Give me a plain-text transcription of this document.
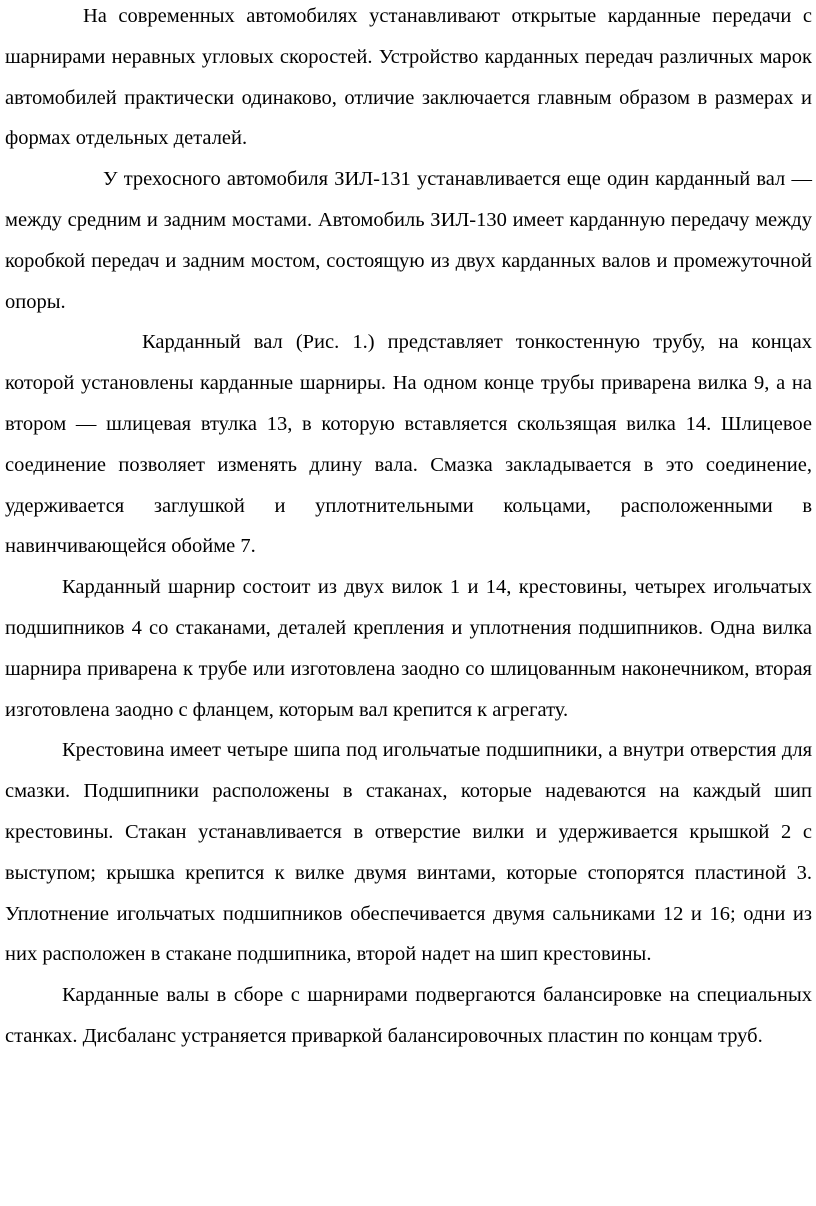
На современных автомобилях устанавливают открытые карданные передачи с шарнирами неравных угловых скоростей. Устройство карданных передач различных марок автомобилей практически одинаково, отличие заключается главным образом в размерах и формах отдельных деталей.

У трехосного автомобиля ЗИЛ-131 устанавливается еще один карданный вал — между средним и задним мостами. Автомобиль ЗИЛ-130 имеет карданную передачу между коробкой передач и задним мостом, состоящую из двух карданных валов и промежуточной опоры.

Карданный вал (Рис. 1.) представляет тонкостенную трубу, на концах которой установлены карданные шарниры. На одном конце трубы приварена вилка 9, а на втором — шлицевая втулка 13, в которую вставляется скользящая вилка 14. Шлицевое соединение позволяет изменять длину вала. Смазка закладывается в это соединение, удерживается заглушкой и уплотнительными кольцами, расположенными в навинчивающейся обойме 7.

Карданный шарнир состоит из двух вилок 1 и 14, крестовины, четырех игольчатых подшипников 4 со стаканами, деталей крепления и уплотнения подшипников. Одна вилка шарнира приварена к трубе или изготовлена заодно со шлицованным наконечником, вторая изготовлена заодно с фланцем, которым вал крепится к агрегату.

Крестовина имеет четыре шипа под игольчатые подшипники, а внутри отверстия для смазки. Подшипники расположены в стаканах, которые надеваются на каждый шип крестовины. Стакан устанавливается в отверстие вилки и удерживается крышкой 2 с выступом; крышка крепится к вилке двумя винтами, которые стопорятся пластиной 3. Уплотнение игольчатых подшипников обеспечивается двумя сальниками 12 и 16; одни из них расположен в стакане подшипника, второй надет на шип крестовины.

Карданные валы в сборе с шарнирами подвергаются балансировке на специальных станках. Дисбаланс устраняется приваркой балансировочных пластин по концам труб.
